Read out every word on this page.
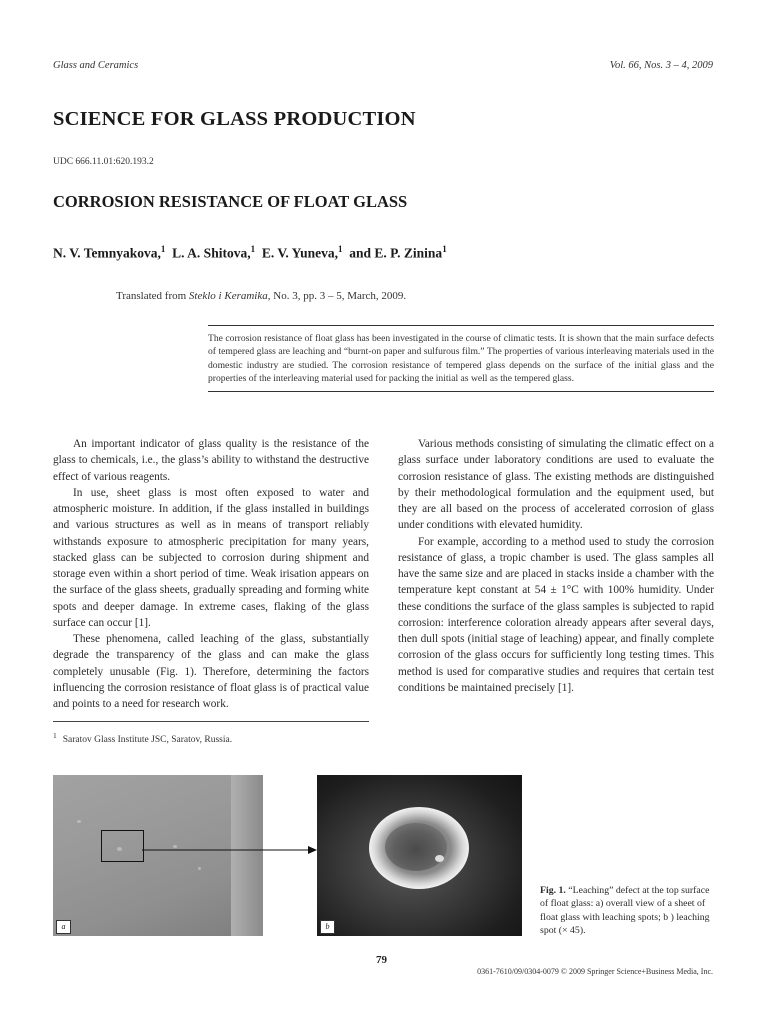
Glass and Ceramics	Vol. 66, Nos. 3 – 4, 2009
SCIENCE FOR GLASS PRODUCTION
UDC 666.11.01:620.193.2
CORROSION RESISTANCE OF FLOAT GLASS
N. V. Temnyakova,$^1$ L. A. Shitova,$^1$ E. V. Yuneva,$^1$ and E. P. Zinina$^1$
Translated from Steklo i Keramika, No. 3, pp. 3 – 5, March, 2009.
The corrosion resistance of float glass has been investigated in the course of climatic tests. It is shown that the main surface defects of tempered glass are leaching and “burnt-on paper and sulfurous film.” The properties of various interleaving materials used in the domestic industry are studied. The corrosion resistance of tempered glass depends on the surface of the initial glass and the properties of the interleaving material used for packing the initial as well as the tempered glass.

An important indicator of glass quality is the resistance of the glass to chemicals, i.e., the glass’s ability to withstand the destructive effect of various reagents.

In use, sheet glass is most often exposed to water and atmospheric moisture. In addition, if the glass installed in buildings and various structures as well as in means of transport reliably withstands exposure to atmospheric precipitation for many years, stacked glass can be subjected to corrosion during shipment and storage even within a short period of time. Weak irisation appears on the surface of the glass sheets, gradually spreading and forming white spots and deeper damage. In extreme cases, flaking of the glass surface can occur [1].

These phenomena, called leaching of the glass, substantially degrade the transparency of the glass and can make the glass completely unusable (Fig. 1). Therefore, determining the factors influencing the corrosion resistance of float glass is of practical value and points to a need for research work.

$^1$ Saratov Glass Institute JSC, Saratov, Russia.

Various methods consisting of simulating the climatic effect on a glass surface under laboratory conditions are used to evaluate the corrosion resistance of glass. The existing methods are distinguished by their methodological formulation and the equipment used, but they are all based on the process of accelerated corrosion of glass under conditions with elevated humidity.

For example, according to a method used to study the corrosion resistance of glass, a tropic chamber is used. The glass samples all have the same size and are placed in stacks inside a chamber with the temperature kept constant at 54 ± 1°C with 100% humidity. Under these conditions the surface of the glass samples is subjected to rapid corrosion: interference coloration already appears after several days, then dull spots (initial stage of leaching) appear, and finally complete corrosion of the glass occurs for sufficiently long testing times. This method is used for comparative studies and requires that certain test conditions be maintained precisely [1].

a	b
Fig. 1. “Leaching” defect at the top surface of float glass: a) overall view of a sheet of float glass with leaching spots; b ) leaching spot (× 45).
79
0361-7610/09/0304-0079 © 2009 Springer Science+Business Media, Inc.
